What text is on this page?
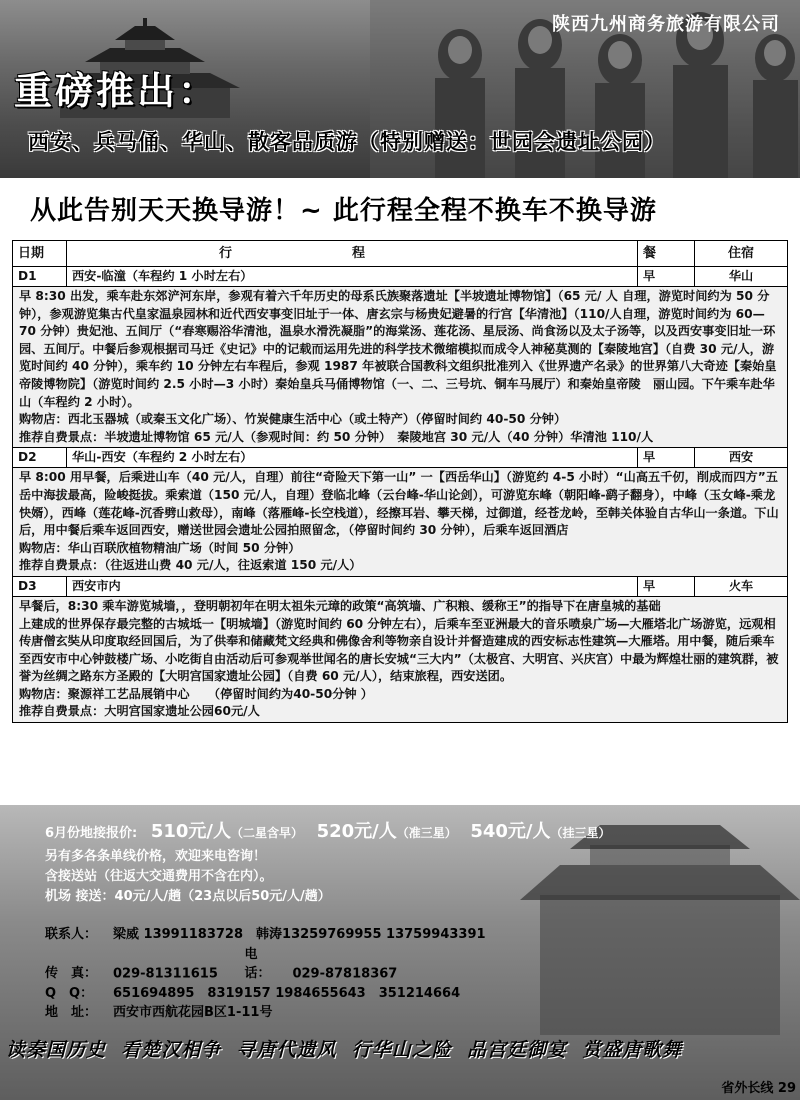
陕西九州商务旅游有限公司
重磅推出：
西安、兵马俑、华山、散客品质游（特别赠送：世园会遗址公园）
从此告别天天换导游！~ 此行程全程不换车不换导游
日期	行程	餐	住宿
D1	西安-临潼（车程约 1 小时左右）	早	华山

早 8:30 出发，乘车赴东郊浐河东岸，参观有着六千年历史的母系氏族聚落遗址【半坡遗址博物馆】（65 元/ 人 自理，游览时间约为 50 分钟），参观游览集古代皇家温泉园林和近代西安事变旧址于一体、唐玄宗与杨贵妃避暑的行宫【华清池】（110/人自理，游览时间约为 60—70 分钟）贵妃池、五间厅（“春寒赐浴华清池，温泉水滑洗凝脂”的海棠汤、莲花汤、星辰汤、尚食汤以及太子汤等，以及西安事变旧址一环园、五间厅。中餐后参观根据司马迁《史记》中的记载而运用先进的科学技术微缩模拟而成令人神秘莫测的【秦陵地宫】（自费 30 元/人，游览时间约 40 分钟），乘车约 10 分钟左右车程后，参观 1987 年被联合国教科文组织批准列入《世界遗产名录》的世界第八大奇迹【秦始皇帝陵博物院】（游览时间约 2.5 小时—3 小时）秦始皇兵马俑博物馆（一、二、三号坑、铜车马展厅）和秦始皇帝陵　丽山园。下午乘车赴华山（车程约 2 小时）。

购物店：西北玉器城（或秦玉文化广场）、竹炭健康生活中心（或土特产）（停留时间约 40-50 分钟）

推荐自费景点：半坡遗址博物馆 65 元/人（参观时间：约 50 分钟）　秦陵地宫 30 元/人（40 分钟）华清池 110/人

D2	华山-西安（车程约 2 小时左右）	早	西安

早 8:00 用早餐，后乘进山车（40 元/人，自理）前往“奇险天下第一山” 一【西岳华山】（游览约 4-5 小时）“山高五千仞，削成而四方”五岳中海拔最高，险峻挺拔。乘索道（150 元/人，自理）登临北峰（云台峰-华山论剑），可游览东峰（朝阳峰-鹞子翻身），中峰（玉女峰-乘龙快婿），西峰（莲花峰-沉香劈山救母），南峰（落雁峰-长空栈道），经擦耳岩、攀天梯，过御道，经苍龙岭，至韩关体验自古华山一条道。下山后，用中餐后乘车返回西安，赠送世园会遗址公园拍照留念，（停留时间约 30 分钟），后乘车返回酒店

购物店：华山百联欣植物精油广场（时间 50 分钟）

推荐自费景点：（往返进山费 40 元/人，往返索道 150 元/人）

D3	西安市内	早	火车

早餐后，8:30 乘车游览城墙，，登明朝初年在明太祖朱元璋的政策“高筑墙、广积粮、缓称王”的指导下在唐皇城的基础

上建成的世界保存最完整的古城坻一【明城墙】（游览时间约 60 分钟左右），后乘车至亚洲最大的音乐喷泉广场—大雁塔北广场游览，远观相传唐僧玄奘从印度取经回国后，为了供奉和储藏梵文经典和佛像舍利等物亲自设计并督造建成的西安标志性建筑—大雁塔。用中餐，随后乘车至西安市中心钟鼓楼广场、小吃街自由活动后可参观举世闻名的唐长安城“三大内”（太极宫、大明宫、兴庆宫）中最为辉煌壮丽的建筑群，被誉为丝绸之路东方圣殿的【大明宫国家遗址公园】（自费 60 元/人），结束旅程，西安送团。

购物店：聚源祥工艺品展销中心　　（停留时间约为40-50分钟 ）

推荐自费景点：大明宫国家遗址公园60元/人

6月份地接报价: 510元/人（二星含早） 520元/人（准三星） 540元/人（挂三星）
另有多各条单线价格，欢迎来电咨询！
含接送站（往返大交通费用不含在内）。
机场 接送：40元/人/趟（23点以后50元/人/趟）
联系人： 梁威 13991183728　韩涛13259769955 13759943391
传　真： 029-81311615 电　话： 029-87818367
Q　Q： 651694895　8319157 1984655643　351214664
地　址： 西安市西航花园B区1-11号
读秦国历史 看楚汉相争 寻唐代遗风 行华山之险 品宫廷御宴 赏盛唐歌舞
省外长线 29
